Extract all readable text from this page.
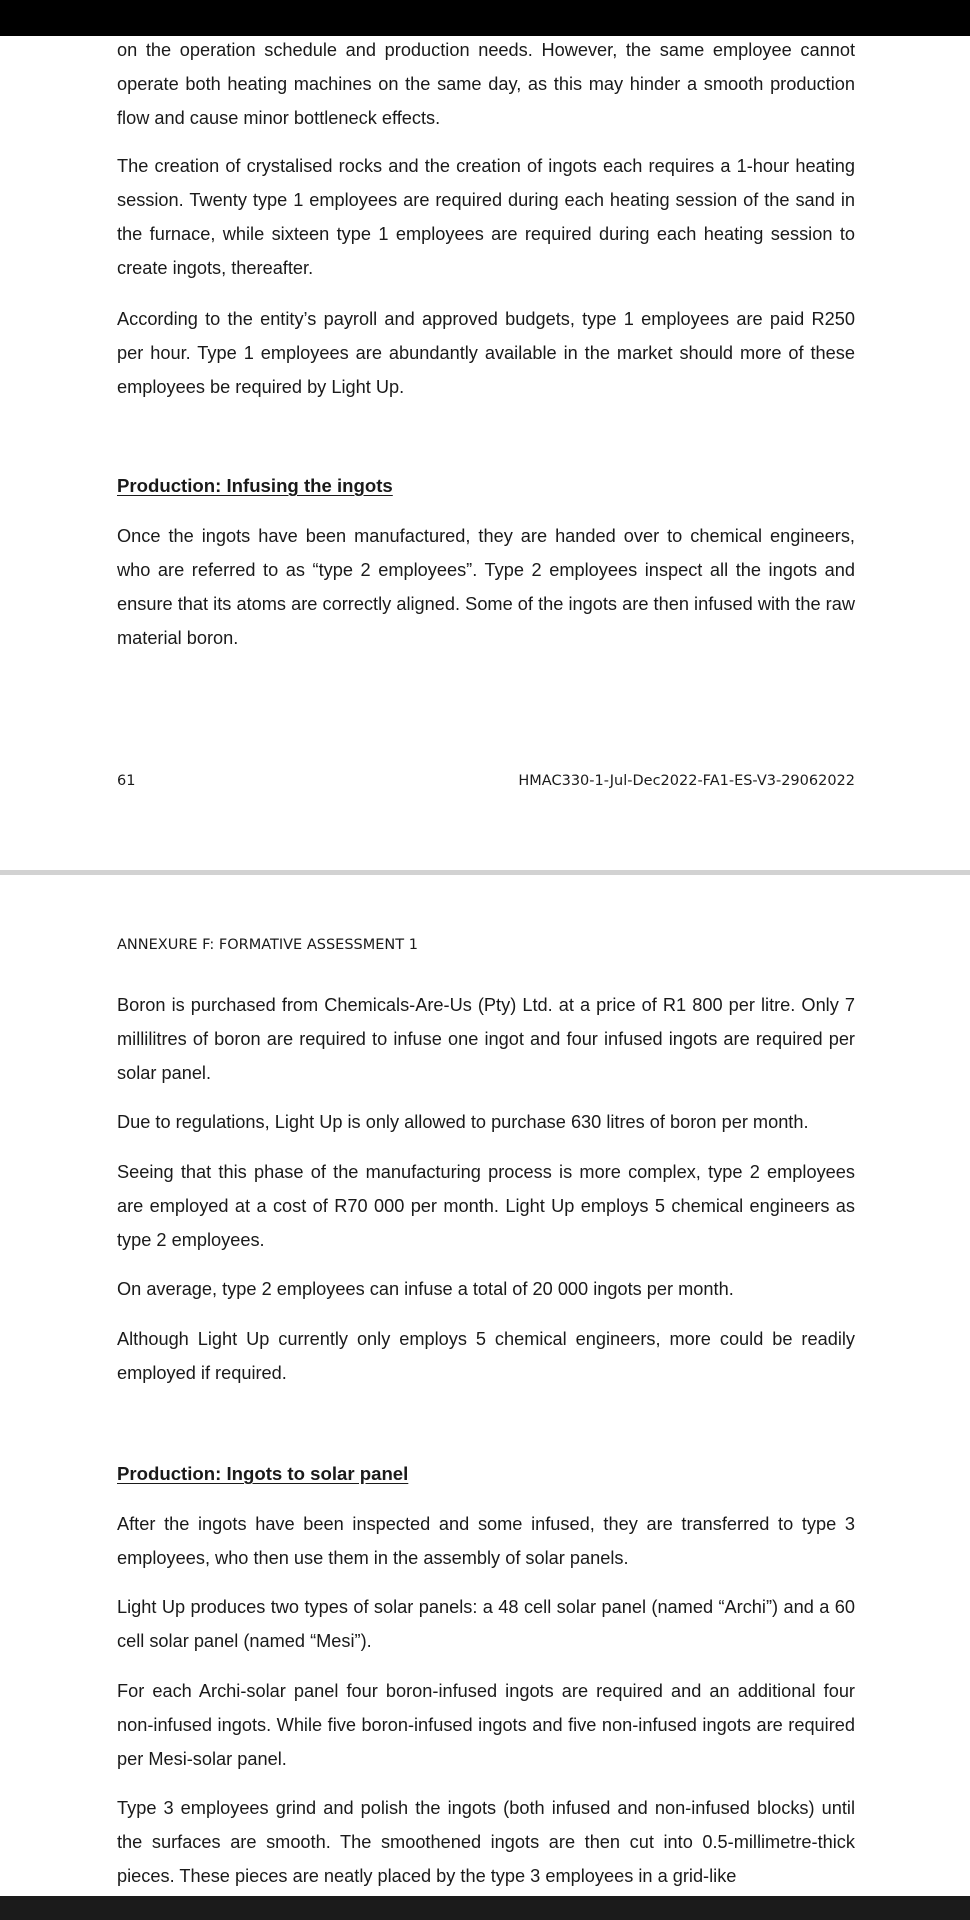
on the operation schedule and production needs. However, the same employee cannot operate both heating machines on the same day, as this may hinder a smooth production flow and cause minor bottleneck effects.

The creation of crystalised rocks and the creation of ingots each requires a 1-hour heating session. Twenty type 1 employees are required during each heating session of the sand in the furnace, while sixteen type 1 employees are required during each heating session to create ingots, thereafter.

According to the entity’s payroll and approved budgets, type 1 employees are paid R250 per hour. Type 1 employees are abundantly available in the market should more of these employees be required by Light Up.

Production: Infusing the ingots

Once the ingots have been manufactured, they are handed over to chemical engineers, who are referred to as “type 2 employees”. Type 2 employees inspect all the ingots and ensure that its atoms are correctly aligned. Some of the ingots are then infused with the raw material boron.

61	HMAC330-1-Jul-Dec2022-FA1-ES-V3-29062022
ANNEXURE F: FORMATIVE ASSESSMENT 1

Boron is purchased from Chemicals-Are-Us (Pty) Ltd. at a price of R1 800 per litre. Only 7 millilitres of boron are required to infuse one ingot and four infused ingots are required per solar panel.

Due to regulations, Light Up is only allowed to purchase 630 litres of boron per month.

Seeing that this phase of the manufacturing process is more complex, type 2 employees are employed at a cost of R70 000 per month. Light Up employs 5 chemical engineers as type 2 employees.

On average, type 2 employees can infuse a total of 20 000 ingots per month.

Although Light Up currently only employs 5 chemical engineers, more could be readily employed if required.

Production: Ingots to solar panel

After the ingots have been inspected and some infused, they are transferred to type 3 employees, who then use them in the assembly of solar panels.

Light Up produces two types of solar panels: a 48 cell solar panel (named “Archi”) and a 60 cell solar panel (named “Mesi”).

For each Archi-solar panel four boron-infused ingots are required and an additional four non-infused ingots. While five boron-infused ingots and five non-infused ingots are required per Mesi-solar panel.

Type 3 employees grind and polish the ingots (both infused and non-infused blocks) until the surfaces are smooth. The smoothened ingots are then cut into 0.5-millimetre-thick pieces. These pieces are neatly placed by the type 3 employees in a grid-like
